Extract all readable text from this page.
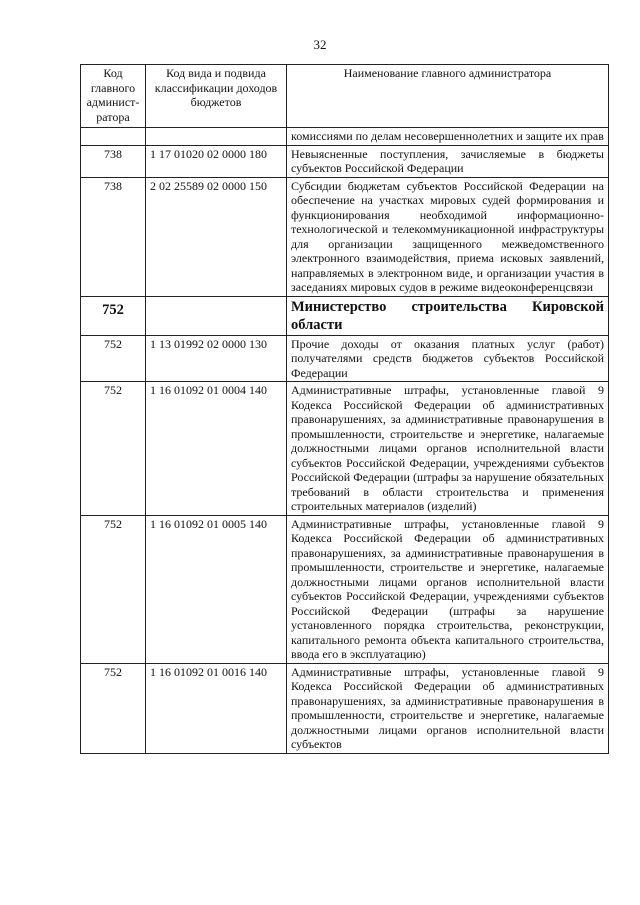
32
Код главного админист-ратора	Код вида и подвида классификации доходов бюджетов	Наименование главного администратора
		комиссиями по делам несовершеннолетних и защите их прав
738	1 17 01020 02 0000 180	Невыясненные поступления, зачисляемые в бюджеты субъектов Российской Федерации
738	2 02 25589 02 0000 150	Субсидии бюджетам субъектов Российской Федерации на обеспечение на участках мировых судей формирования и функционирования необходимой информационно-технологической и телекоммуникационной инфраструктуры для организации защищенного межведомственного электронного взаимодействия, приема исковых заявлений, направляемых в электронном виде, и организации участия в заседаниях мировых судов в режиме видеоконференцсвязи
752		Министерство строительства Кировской области
752	1 13 01992 02 0000 130	Прочие доходы от оказания платных услуг (работ) получателями средств бюджетов субъектов Российской Федерации
752	1 16 01092 01 0004 140	Административные штрафы, установленные главой 9 Кодекса Российской Федерации об административных правонарушениях, за административные правонарушения в промышленности, строительстве и энергетике, налагаемые должностными лицами органов исполнительной власти субъектов Российской Федерации, учреждениями субъектов Российской Федерации (штрафы за нарушение обязательных требований в области строительства и применения строительных материалов (изделий)
752	1 16 01092 01 0005 140	Административные штрафы, установленные главой 9 Кодекса Российской Федерации об административных правонарушениях, за административные правонарушения в промышленности, строительстве и энергетике, налагаемые должностными лицами органов исполнительной власти субъектов Российской Федерации, учреждениями субъектов Российской Федерации (штрафы за нарушение установленного порядка строительства, реконструкции, капитального ремонта объекта капитального строительства, ввода его в эксплуатацию)
752	1 16 01092 01 0016 140	Административные штрафы, установленные главой 9 Кодекса Российской Федерации об административных правонарушениях, за административные правонарушения в промышленности, строительстве и энергетике, налагаемые должностными лицами органов исполнительной власти субъектов
